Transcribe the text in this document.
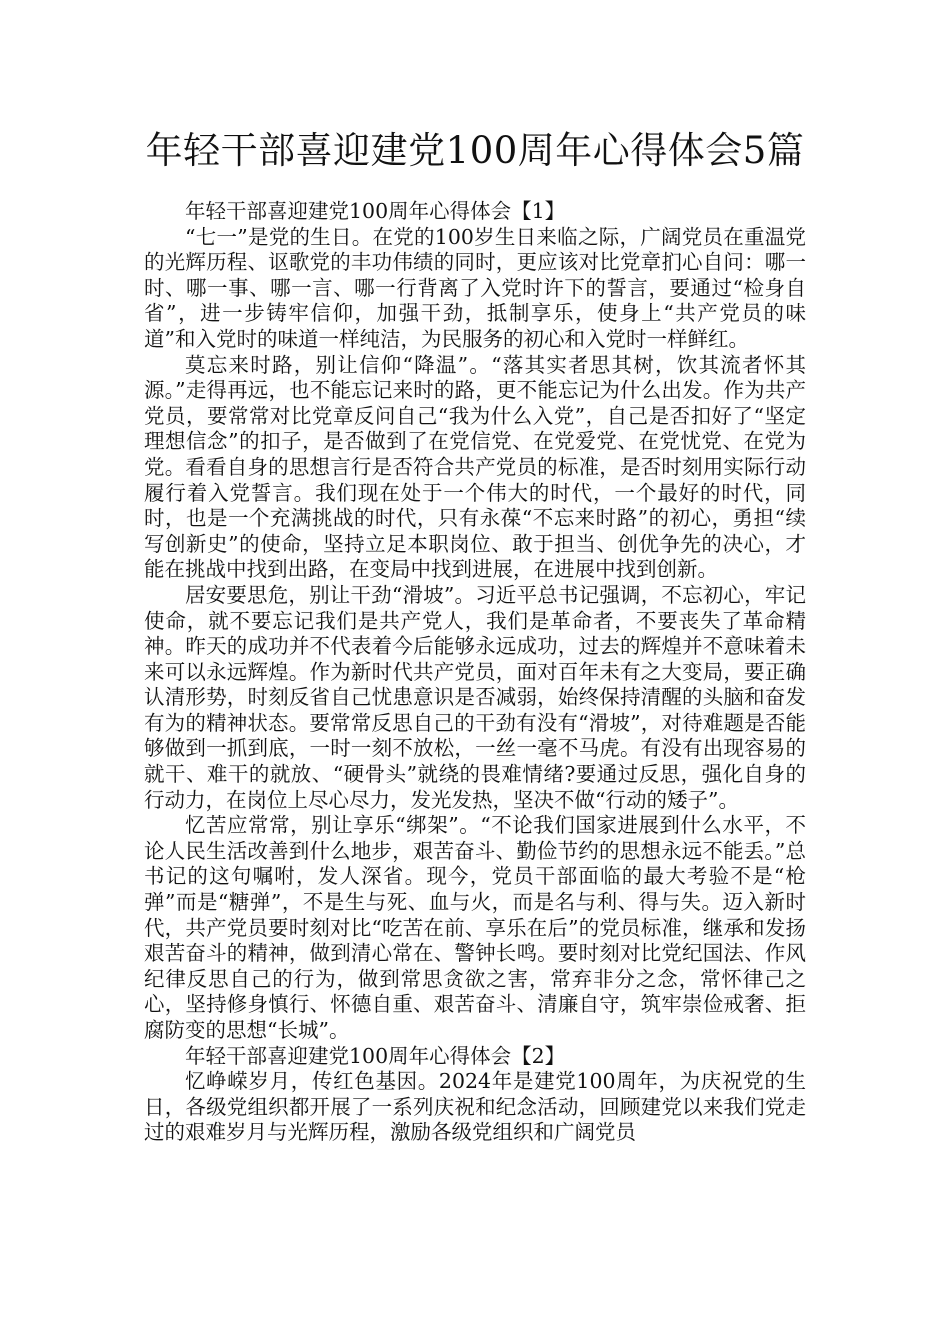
年轻干部喜迎建党100周年心得体会5篇
年轻干部喜迎建党100周年心得体会【1】

“七一”是党的生日。在党的100岁生日来临之际，广阔党员在重温党的光辉历程、讴歌党的丰功伟绩的同时，更应该对比党章扪心自问：哪一时、哪一事、哪一言、哪一行背离了入党时许下的誓言，要通过“检身自省”，进一步铸牢信仰，加强干劲，抵制享乐，使身上“共产党员的味道”和入党时的味道一样纯洁，为民服务的初心和入党时一样鲜红。

莫忘来时路，别让信仰“降温”。“落其实者思其树，饮其流者怀其源。”走得再远，也不能忘记来时的路，更不能忘记为什么出发。作为共产党员，要常常对比党章反问自己“我为什么入党”，自己是否扣好了“坚定理想信念”的扣子，是否做到了在党信党、在党爱党、在党忧党、在党为党。看看自身的思想言行是否符合共产党员的标准，是否时刻用实际行动履行着入党誓言。我们现在处于一个伟大的时代，一个最好的时代，同时，也是一个充满挑战的时代，只有永葆“不忘来时路”的初心，勇担“续写创新史”的使命，坚持立足本职岗位、敢于担当、创优争先的决心，才能在挑战中找到出路，在变局中找到进展，在进展中找到创新。

居安要思危，别让干劲“滑坡”。习近平总书记强调，不忘初心，牢记使命，就不要忘记我们是共产党人，我们是革命者，不要丧失了革命精神。昨天的成功并不代表着今后能够永远成功，过去的辉煌并不意味着未来可以永远辉煌。作为新时代共产党员，面对百年未有之大变局，要正确认清形势，时刻反省自己忧患意识是否减弱，始终保持清醒的头脑和奋发有为的精神状态。要常常反思自己的干劲有没有“滑坡”，对待难题是否能够做到一抓到底，一时一刻不放松，一丝一毫不马虎。有没有出现容易的就干、难干的就放、“硬骨头”就绕的畏难情绪?要通过反思，强化自身的行动力，在岗位上尽心尽力，发光发热，坚决不做“行动的矮子”。

忆苦应常常，别让享乐“绑架”。“不论我们国家进展到什么水平，不论人民生活改善到什么地步，艰苦奋斗、勤俭节约的思想永远不能丢。”总书记的这句嘱咐，发人深省。现今，党员干部面临的最大考验不是“枪弹”而是“糖弹”，不是生与死、血与火，而是名与利、得与失。迈入新时代，共产党员要时刻对比“吃苦在前、享乐在后”的党员标准，继承和发扬艰苦奋斗的精神，做到清心常在、警钟长鸣。要时刻对比党纪国法、作风纪律反思自己的行为，做到常思贪欲之害，常弃非分之念，常怀律己之心，坚持修身慎行、怀德自重、艰苦奋斗、清廉自守，筑牢崇俭戒奢、拒腐防变的思想“长城”。

年轻干部喜迎建党100周年心得体会【2】

忆峥嵘岁月，传红色基因。2024年是建党100周年，为庆祝党的生日，各级党组织都开展了一系列庆祝和纪念活动，回顾建党以来我们党走过的艰难岁月与光辉历程，激励各级党组织和广阔党员
